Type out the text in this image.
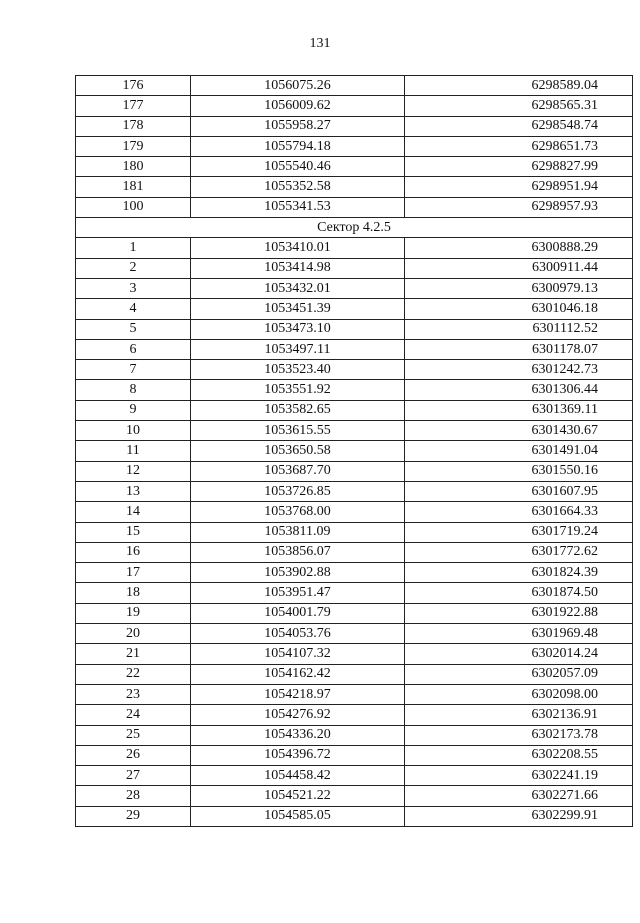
131
176	1056075.26	6298589.04
177	1056009.62	6298565.31
178	1055958.27	6298548.74
179	1055794.18	6298651.73
180	1055540.46	6298827.99
181	1055352.58	6298951.94
100	1055341.53	6298957.93
Сектор 4.2.5		
1	1053410.01	6300888.29
2	1053414.98	6300911.44
3	1053432.01	6300979.13
4	1053451.39	6301046.18
5	1053473.10	6301112.52
6	1053497.11	6301178.07
7	1053523.40	6301242.73
8	1053551.92	6301306.44
9	1053582.65	6301369.11
10	1053615.55	6301430.67
11	1053650.58	6301491.04
12	1053687.70	6301550.16
13	1053726.85	6301607.95
14	1053768.00	6301664.33
15	1053811.09	6301719.24
16	1053856.07	6301772.62
17	1053902.88	6301824.39
18	1053951.47	6301874.50
19	1054001.79	6301922.88
20	1054053.76	6301969.48
21	1054107.32	6302014.24
22	1054162.42	6302057.09
23	1054218.97	6302098.00
24	1054276.92	6302136.91
25	1054336.20	6302173.78
26	1054396.72	6302208.55
27	1054458.42	6302241.19
28	1054521.22	6302271.66
29	1054585.05	6302299.91
